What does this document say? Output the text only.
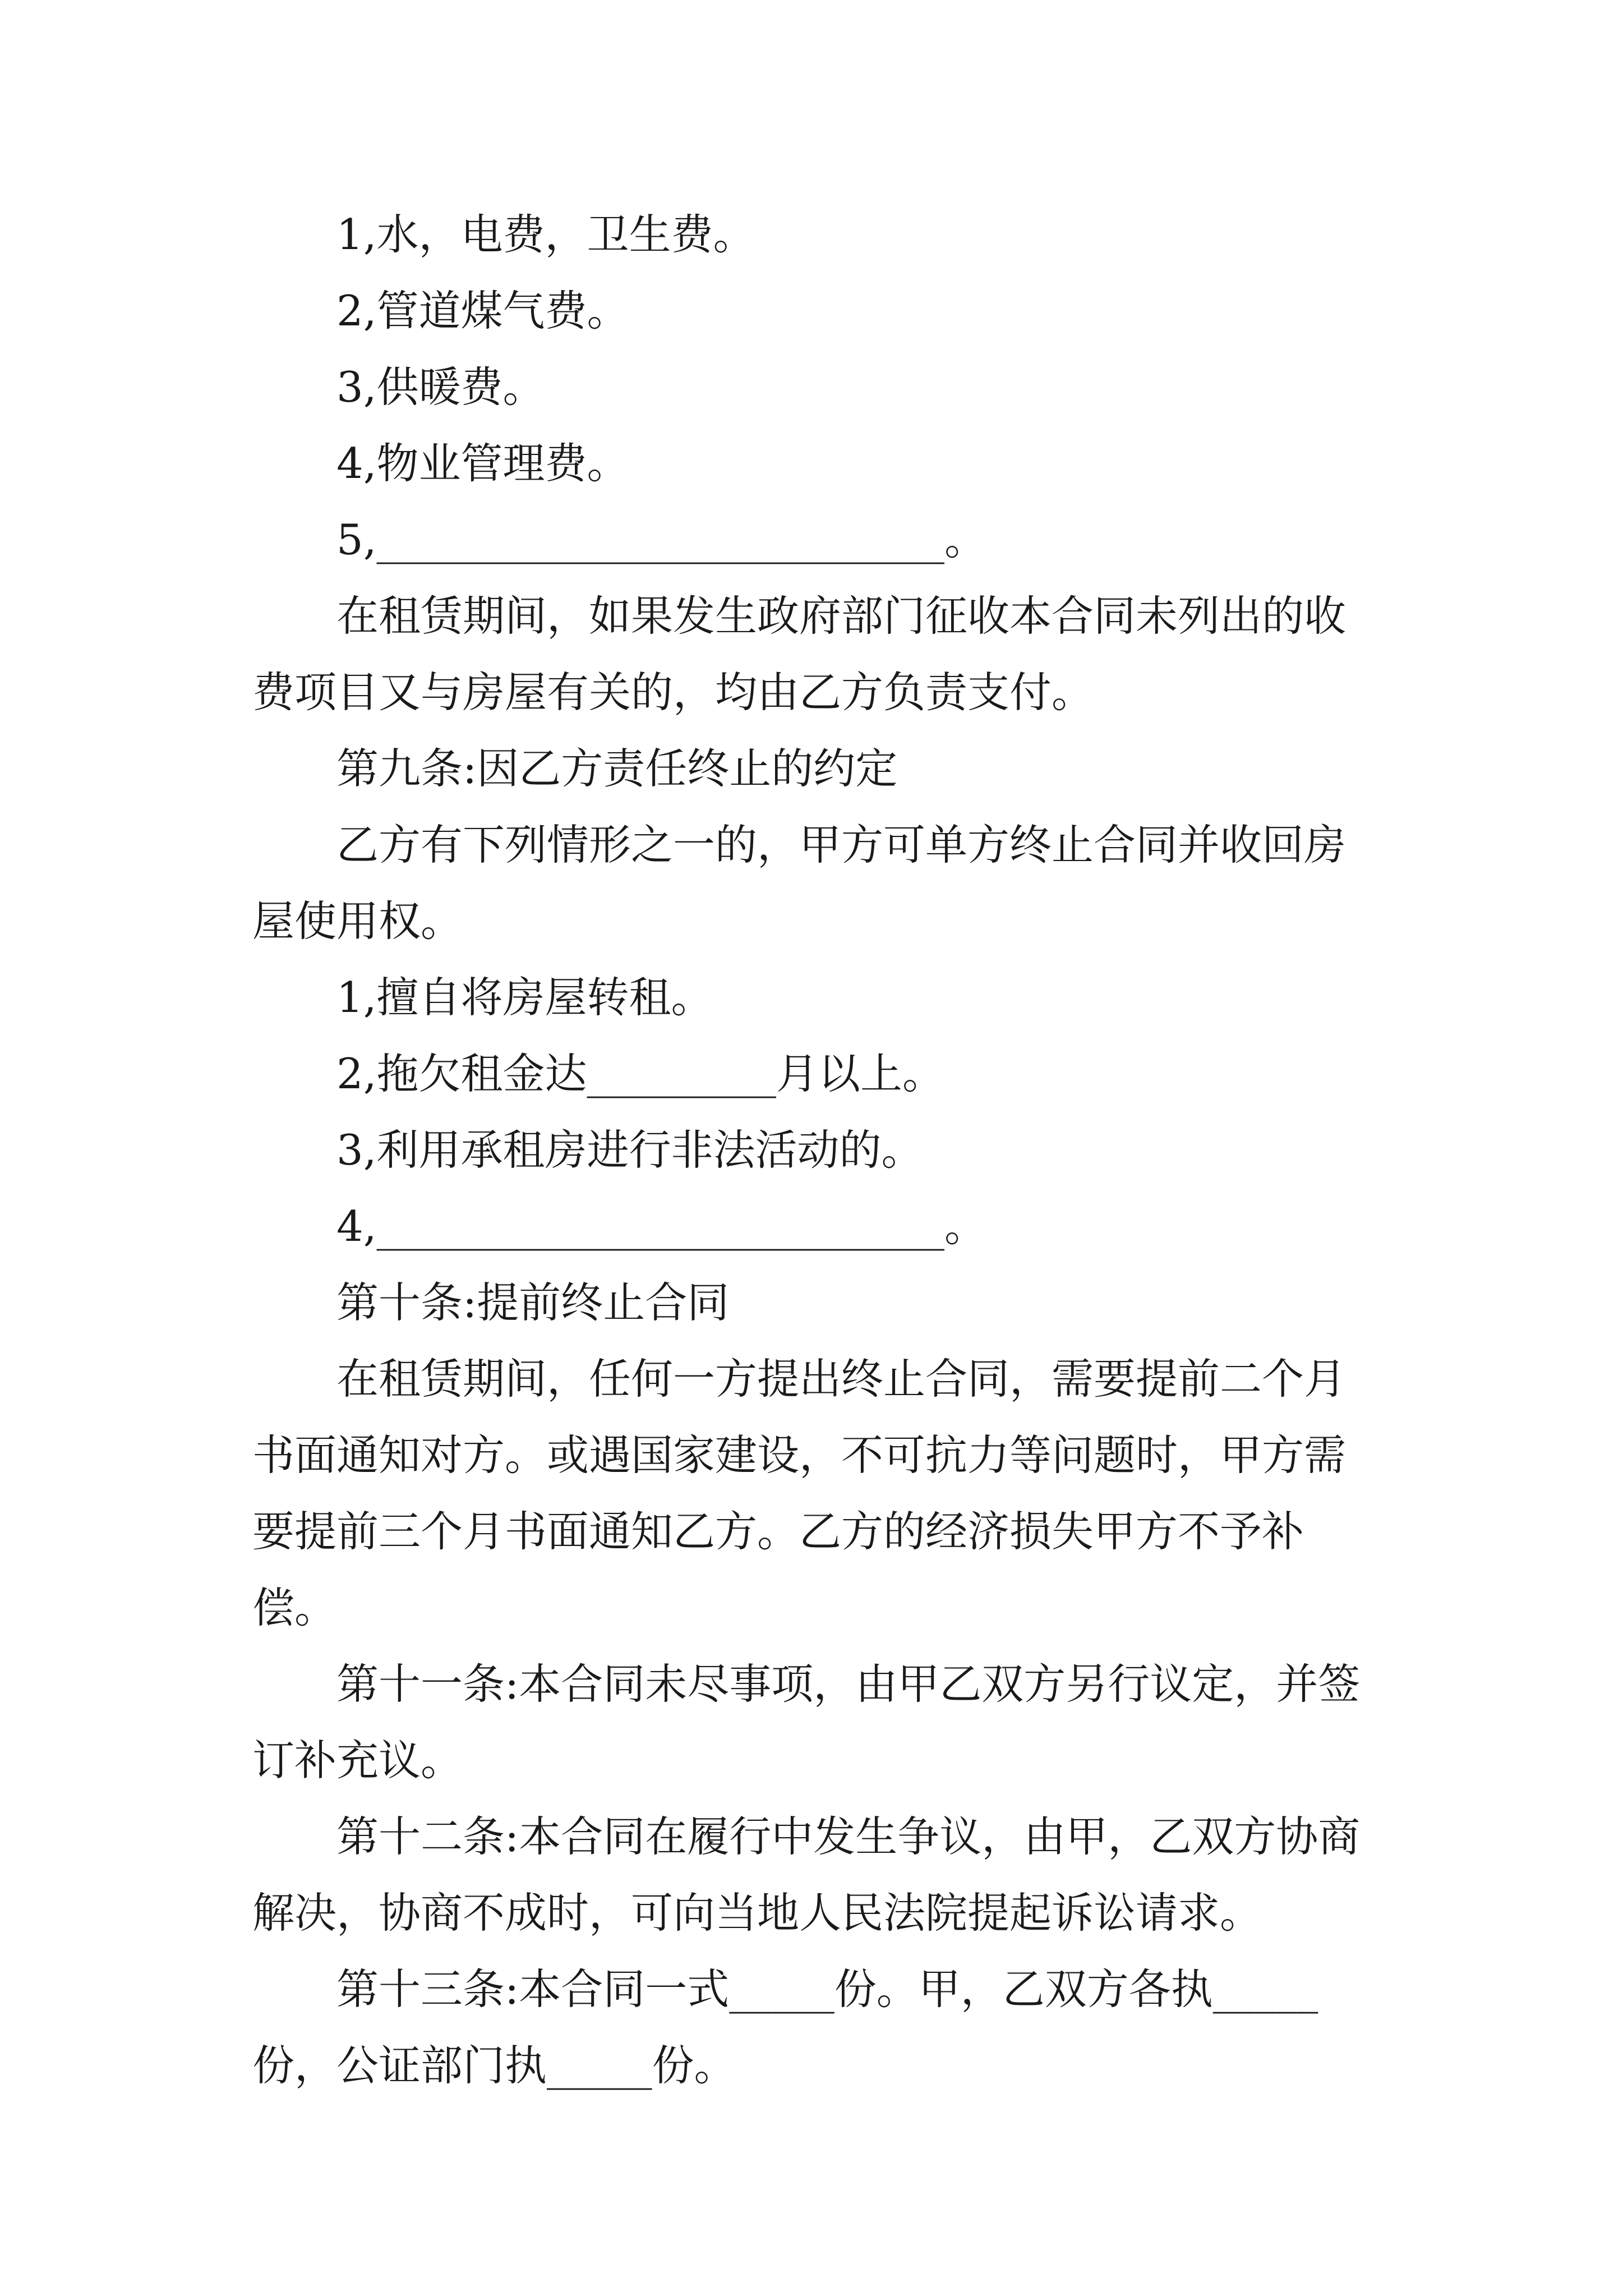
1,水，电费，卫生费。

2,管道煤气费。

3,供暖费。

4,物业管理费。

5,___________________________。

在租赁期间，如果发生政府部门征收本合同未列出的收费项目又与房屋有关的，均由乙方负责支付。

第九条:因乙方责任终止的约定

乙方有下列情形之一的，甲方可单方终止合同并收回房屋使用权。

1,擅自将房屋转租。

2,拖欠租金达_________月以上。

3,利用承租房进行非法活动的。

4,___________________________。

第十条:提前终止合同

在租赁期间，任何一方提出终止合同，需要提前二个月书面通知对方。或遇国家建设，不可抗力等问题时，甲方需要提前三个月书面通知乙方。乙方的经济损失甲方不予补偿。

第十一条:本合同未尽事项，由甲乙双方另行议定，并签订补充议。

第十二条:本合同在履行中发生争议，由甲，乙双方协商解决，协商不成时，可向当地人民法院提起诉讼请求。

第十三条:本合同一式_____份。甲，乙双方各执_____份，公证部门执_____份。
